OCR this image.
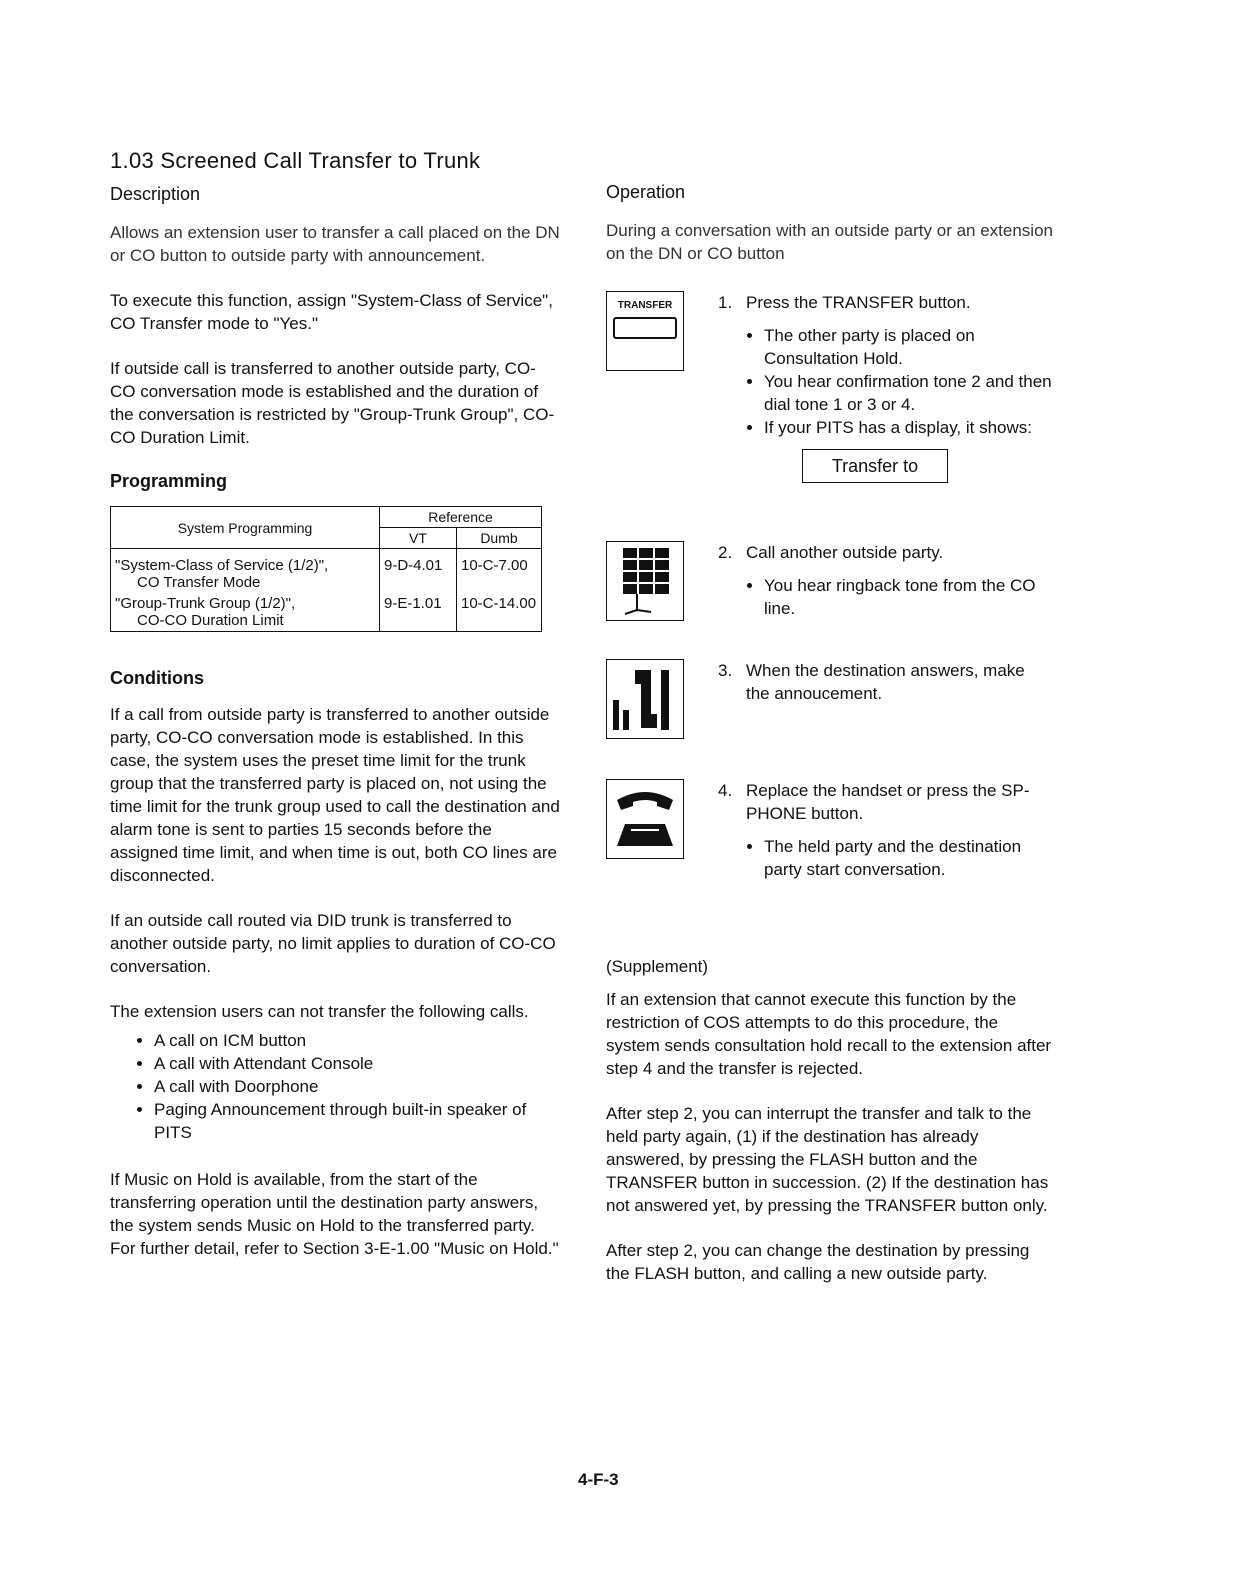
1.03 Screened Call Transfer to Trunk
Description

Allows an extension user to transfer a call placed on the DN or CO button to outside party with announcement.

To execute this function, assign "System-Class of Service", CO Transfer mode to "Yes."

If outside call is transferred to another outside party, CO-CO conversation mode is established and the duration of the conversation is restricted by "Group-Trunk Group", CO-CO Duration Limit.

Programming
System Programming	Reference	
	VT	Dumb
"System-Class of Service (1/2)",
CO Transfer Mode	9-D-4.01	10-C-7.00
"Group-Trunk Group (1/2)",
CO-CO Duration Limit	9-E-1.01	10-C-14.00
Conditions

If a call from outside party is transferred to another outside party, CO-CO conversation mode is established. In this case, the system uses the preset time limit for the trunk group that the transferred party is placed on, not using the time limit for the trunk group used to call the destination and alarm tone is sent to parties 15 seconds before the assigned time limit, and when time is out, both CO lines are disconnected.

If an outside call routed via DID trunk is transferred to another outside party, no limit applies to duration of CO-CO conversation.

The extension users can not transfer the following calls.

• A call on ICM button
• A call with Attendant Console
• A call with Doorphone
• Paging Announcement through built-in speaker of PITS

If Music on Hold is available, from the start of the transferring operation until the destination party answers, the system sends Music on Hold to the transferred party.

For further detail, refer to Section 3-E-1.00 "Music on Hold."

Operation

During a conversation with an outside party or an extension on the DN or CO button

TRANSFER	1. Press the TRANSFER button.
• The other party is placed on Consultation Hold.
• You hear confirmation tone 2 and then dial tone 1 or 3 or 4.
• If your PITS has a display, it shows:
Transfer to
2. Call another outside party.
• You hear ringback tone from the CO line.
3. When the destination answers, make the annoucement.
4. Replace the handset or press the SP-PHONE button.
• The held party and the destination party start conversation.
(Supplement)

If an extension that cannot execute this function by the restriction of COS attempts to do this procedure, the system sends consultation hold recall to the extension after step 4 and the transfer is rejected.

After step 2, you can interrupt the transfer and talk to the held party again, (1) if the destination has already answered, by pressing the FLASH button and the TRANSFER button in succession. (2) If the destination has not answered yet, by pressing the TRANSFER button only.

After step 2, you can change the destination by pressing the FLASH button, and calling a new outside party.

4-F-3
